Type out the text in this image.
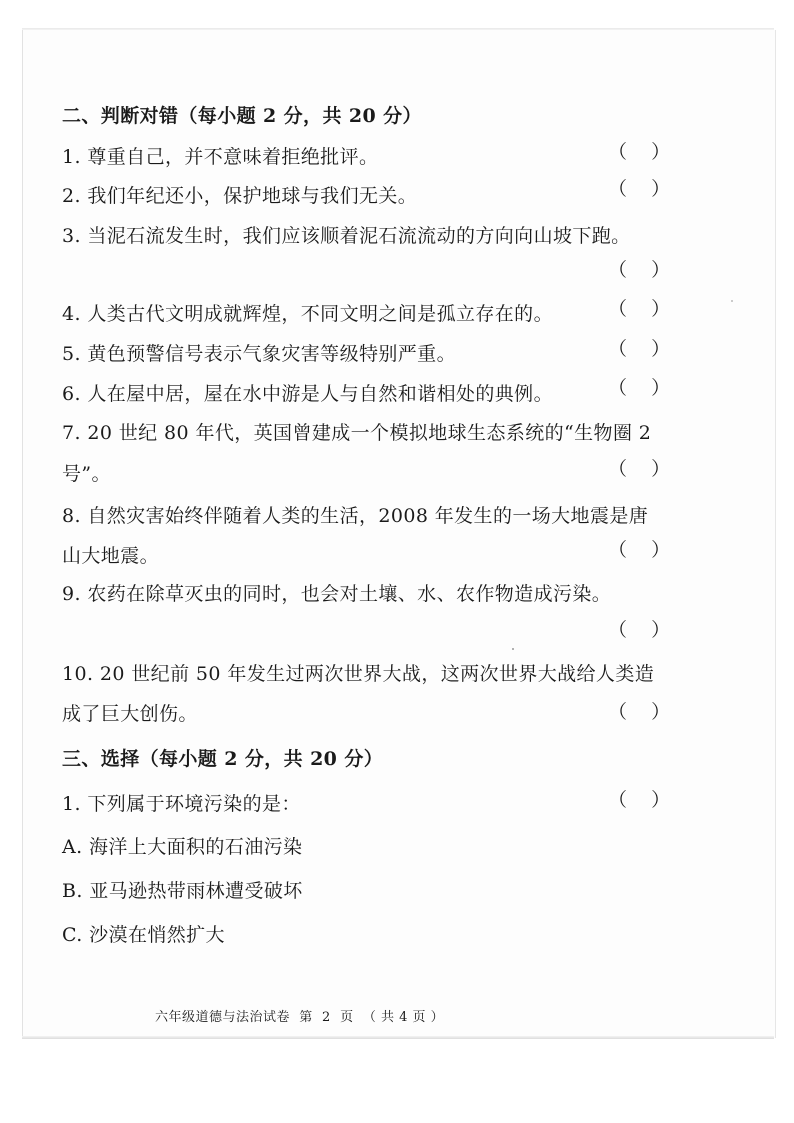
二、判断对错（每小题 2 分，共 20 分）
1. 尊重自己，并不意味着拒绝批评。	（    ）
2. 我们年纪还小，保护地球与我们无关。	（    ）
3. 当泥石流发生时，我们应该顺着泥石流流动的方向向山坡下跑。
（    ）
4. 人类古代文明成就辉煌，不同文明之间是孤立存在的。	（    ）
5. 黄色预警信号表示气象灾害等级特别严重。	（    ）
6. 人在屋中居，屋在水中游是人与自然和谐相处的典例。	（    ）
7. 20 世纪 80 年代，英国曾建成一个模拟地球生态系统的“生物圈 2
号”。	（    ）
8. 自然灾害始终伴随着人类的生活，2008 年发生的一场大地震是唐
山大地震。	（    ）
9. 农药在除草灭虫的同时，也会对土壤、水、农作物造成污染。
（    ）
10. 20 世纪前 50 年发生过两次世界大战，这两次世界大战给人类造
成了巨大创伤。	（    ）
三、选择（每小题 2 分，共 20 分）
1. 下列属于环境污染的是：	（    ）
A. 海洋上大面积的石油污染
B. 亚马逊热带雨林遭受破坏
C. 沙漠在悄然扩大
六年级道德与法治试卷  第  2  页  （ 共 4 页 ）
